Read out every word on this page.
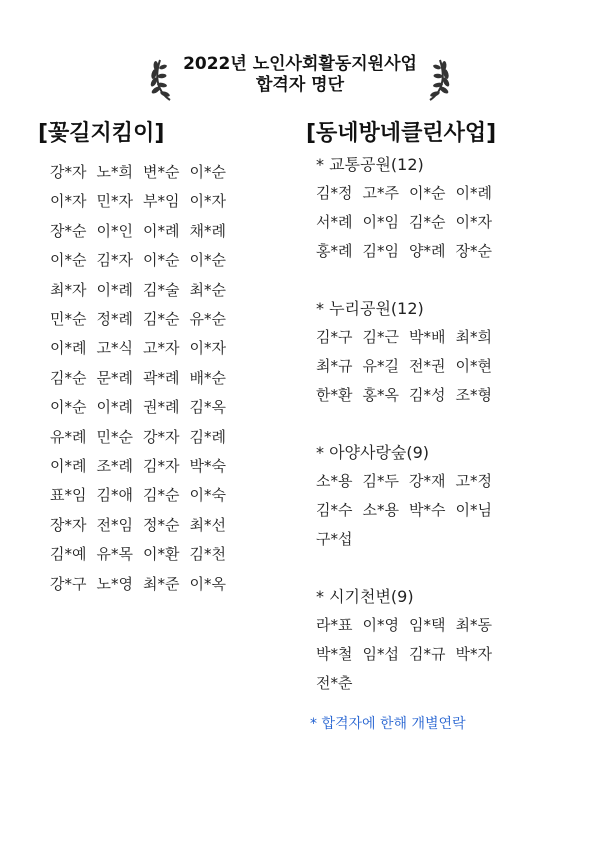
2022년 노인사회활동지원사업
합격자 명단
[꽃길지킴이]
강*자 노*희 변*순 이*순
이*자 민*자 부*임 이*자
장*순 이*인 이*례 채*례
이*순 김*자 이*순 이*순
최*자 이*례 김*술 최*순
민*순 정*례 김*순 유*순
이*례 고*식 고*자 이*자
김*순 문*례 곽*례 배*순
이*순 이*례 권*례 김*옥
유*례 민*순 강*자 김*례
이*례 조*례 김*자 박*숙
표*임 김*애 김*순 이*숙
장*자 전*임 정*순 최*선
김*예 유*목 이*환 김*천
강*구 노*영 최*준 이*옥
[동네방네클린사업]
* 교통공원(12)
김*정 고*주 이*순 이*례
서*례 이*임 김*순 이*자
홍*례 김*임 양*례 장*순
* 누리공원(12)
김*구 김*근 박*배 최*희
최*규 유*길 전*권 이*현
한*환 홍*옥 김*성 조*형
* 아양사랑숲(9)
소*용 김*두 강*재 고*정
김*수 소*용 박*수 이*님
구*섭
* 시기천변(9)
라*표 이*영 임*택 최*동
박*철 임*섭 김*규 박*자
전*춘
* 합격자에 한해 개별연락
